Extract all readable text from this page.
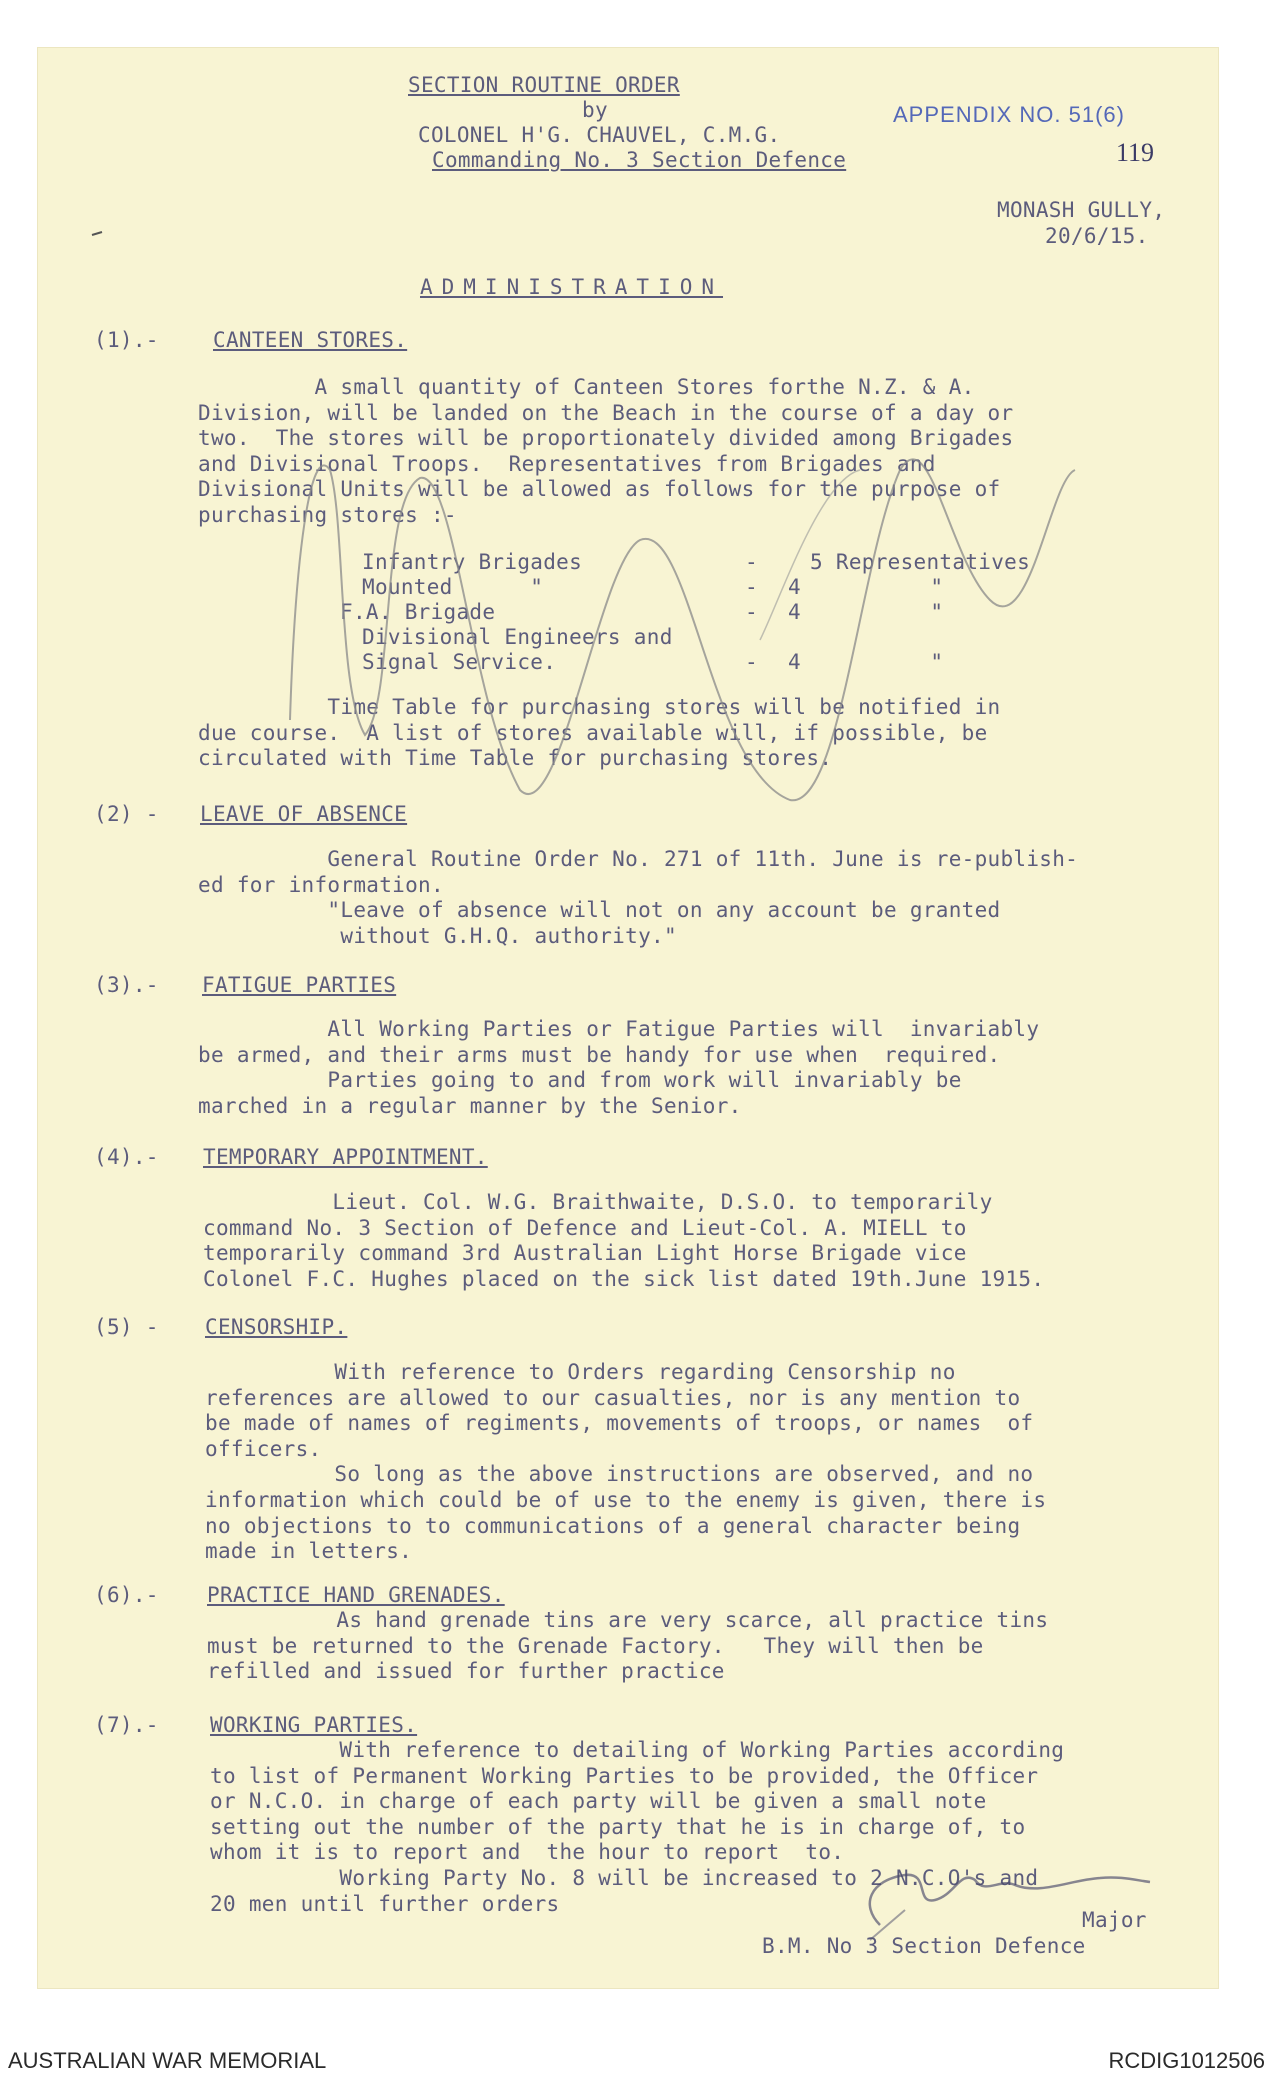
SECTION ROUTINE ORDER
by
COLONEL H'G. CHAUVEL, C.M.G.
Commanding No. 3 Section Defence
APPENDIX NO. 51(6)
119
MONASH GULLY,
20/6/15.
ADMINISTRATION
(1).-	CANTEEN STORES.
A small quantity of Canteen Stores forthe N.Z. & A.
Division, will be landed on the Beach in the course of a day or
two.  The stores will be proportionately divided among Brigades
and Divisional Troops.  Representatives from Brigades and
Divisional Units will be allowed as follows for the purpose of
purchasing stores :-
Infantry Brigades	- 5 Representatives
Mounted      "	- 4          "
F.A. Brigade	- 4          "
Divisional Engineers and
Signal Service.	- 4          "
Time Table for purchasing stores will be notified in
due course.  A list of stores available will, if possible, be
circulated with Time Table for purchasing stores.
(2) - LEAVE OF ABSENCE
General Routine Order No. 271 of 11th. June is re-publish-
ed for information.
"Leave of absence will not on any account be granted
without G.H.Q. authority."
(3).- FATIGUE PARTIES
All Working Parties or Fatigue Parties will  invariably
be armed, and their arms must be handy for use when  required.
Parties going to and from work will invariably be
marched in a regular manner by the Senior.
(4).- TEMPORARY APPOINTMENT.
Lieut. Col. W.G. Braithwaite, D.S.O. to temporarily
command No. 3 Section of Defence and Lieut-Col. A. MIELL to
temporarily command 3rd Australian Light Horse Brigade vice
Colonel F.C. Hughes placed on the sick list dated 19th.June 1915.
(5) - CENSORSHIP.
With reference to Orders regarding Censorship no
references are allowed to our casualties, nor is any mention to
be made of names of regiments, movements of troops, or names  of
officers.
So long as the above instructions are observed, and no
information which could be of use to the enemy is given, there is
no objections to to communications of a general character being
made in letters.
(6).- PRACTICE HAND GRENADES.
As hand grenade tins are very scarce, all practice tins
must be returned to the Grenade Factory.   They will then be
refilled and issued for further practice
(7).- WORKING PARTIES.
With reference to detailing of Working Parties according
to list of Permanent Working Parties to be provided, the Officer
or N.C.O. in charge of each party will be given a small note
setting out the number of the party that he is in charge of, to
whom it is to report and  the hour to report  to.
Working Party No. 8 will be increased to 2 N.C.O's and
20 men until further orders
Major
B.M. No 3 Section Defence
AUSTRALIAN WAR MEMORIAL	RCDIG1012506
